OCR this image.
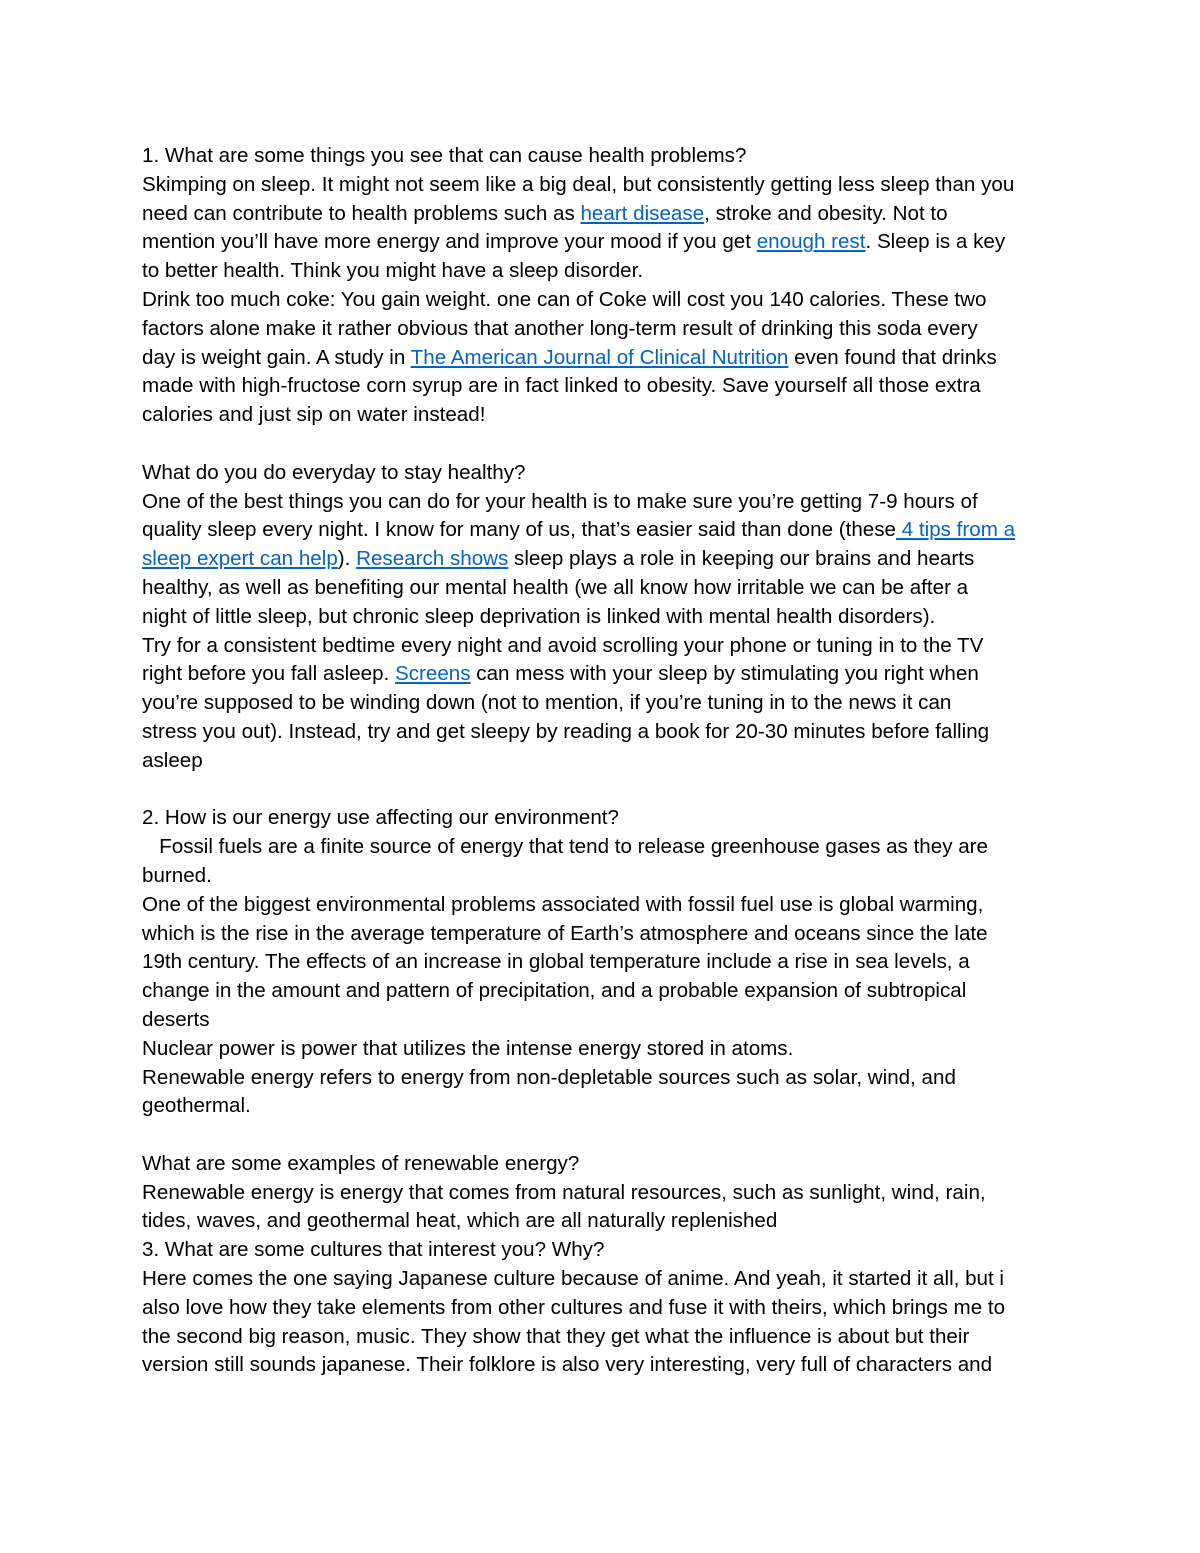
1. What are some things you see that can cause health problems?
Skimping on sleep. It might not seem like a big deal, but consistently getting less sleep than you
need can contribute to health problems such as heart disease, stroke and obesity. Not to
mention you’ll have more energy and improve your mood if you get enough rest. Sleep is a key
to better health. Think you might have a sleep disorder.
Drink too much coke: You gain weight. one can of Coke will cost you 140 calories. These two
factors alone make it rather obvious that another long-term result of drinking this soda every
day is weight gain. A study in The American Journal of Clinical Nutrition even found that drinks
made with high-fructose corn syrup are in fact linked to obesity. Save yourself all those extra
calories and just sip on water instead!
What do you do everyday to stay healthy?
One of the best things you can do for your health is to make sure you’re getting 7-9 hours of
quality sleep every night. I know for many of us, that’s easier said than done (these 4 tips from a
sleep expert can help). Research shows sleep plays a role in keeping our brains and hearts
healthy, as well as benefiting our mental health (we all know how irritable we can be after a
night of little sleep, but chronic sleep deprivation is linked with mental health disorders).
Try for a consistent bedtime every night and avoid scrolling your phone or tuning in to the TV
right before you fall asleep. Screens can mess with your sleep by stimulating you right when
you’re supposed to be winding down (not to mention, if you’re tuning in to the news it can
stress you out). Instead, try and get sleepy by reading a book for 20-30 minutes before falling
asleep
2. How is our energy use affecting our environment?
Fossil fuels are a finite source of energy that tend to release greenhouse gases as they are
burned.
One of the biggest environmental problems associated with fossil fuel use is global warming,
which is the rise in the average temperature of Earth’s atmosphere and oceans since the late
19th century. The effects of an increase in global temperature include a rise in sea levels, a
change in the amount and pattern of precipitation, and a probable expansion of subtropical
deserts
Nuclear power is power that utilizes the intense energy stored in atoms.
Renewable energy refers to energy from non-depletable sources such as solar, wind, and
geothermal.
What are some examples of renewable energy?
Renewable energy is energy that comes from natural resources, such as sunlight, wind, rain,
tides, waves, and geothermal heat, which are all naturally replenished
3. What are some cultures that interest you? Why?
Here comes the one saying Japanese culture because of anime. And yeah, it started it all, but i
also love how they take elements from other cultures and fuse it with theirs, which brings me to
the second big reason, music. They show that they get what the influence is about but their
version still sounds japanese. Their folklore is also very interesting, very full of characters and
